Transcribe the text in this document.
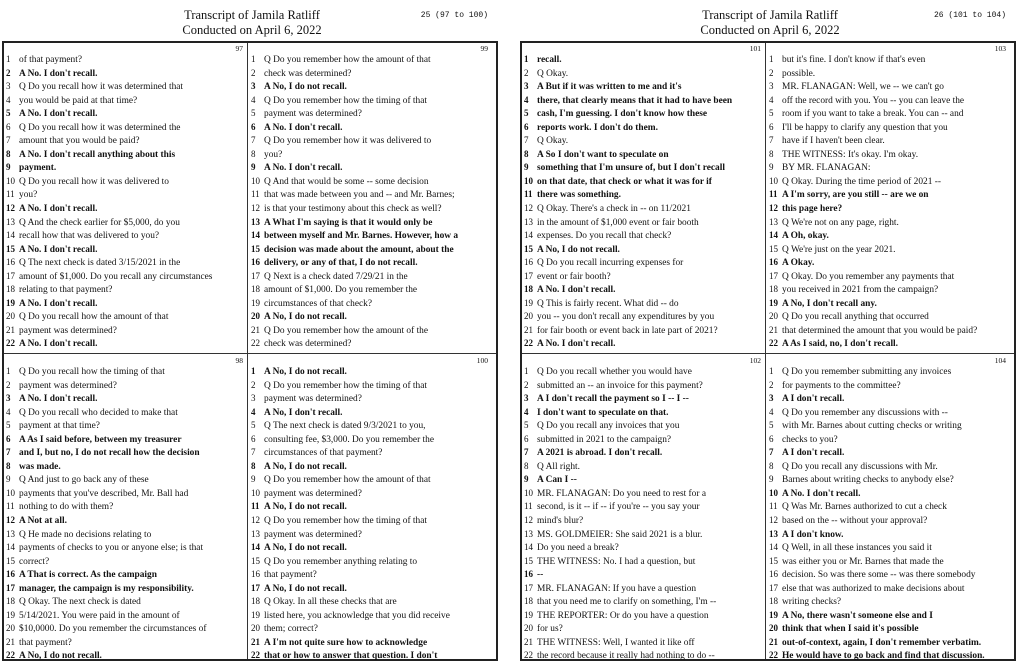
Transcript of Jamila Ratliff
Conducted on April 6, 2022
25 (97 to 100)
97
1 of that payment?
2 A No. I don't recall.
3 Q Do you recall how it was determined that
4 you would be paid at that time?
5 A No. I don't recall.
6 Q Do you recall how it was determined the
7 amount that you would be paid?
8 A No. I don't recall anything about this
9 payment.
10 Q Do you recall how it was delivered to
11 you?
12 A No. I don't recall.
13 Q And the check earlier for $5,000, do you
14 recall how that was delivered to you?
15 A No. I don't recall.
16 Q The next check is dated 3/15/2021 in the
17 amount of $1,000. Do you recall any circumstances
18 relating to that payment?
19 A No. I don't recall.
20 Q Do you recall how the amount of that
21 payment was determined?
22 A No. I don't recall.
99
1 Q Do you remember how the amount of that
2 check was determined?
3 A No, I do not recall.
4 Q Do you remember how the timing of that
5 payment was determined?
6 A No. I don't recall.
7 Q Do you remember how it was delivered to
8 you?
9 A No. I don't recall.
10 Q And that would be some -- some decision
11 that was made between you and -- and Mr. Barnes;
12 is that your testimony about this check as well?
13 A What I'm saying is that it would only be
14 between myself and Mr. Barnes. However, how a
15 decision was made about the amount, about the
16 delivery, or any of that, I do not recall.
17 Q Next is a check dated 7/29/21 in the
18 amount of $1,000. Do you remember the
19 circumstances of that check?
20 A No, I do not recall.
21 Q Do you remember how the amount of the
22 check was determined?
98
1 Q Do you recall how the timing of that
2 payment was determined?
3 A No. I don't recall.
4 Q Do you recall who decided to make that
5 payment at that time?
6 A As I said before, between my treasurer
7 and I, but no, I do not recall how the decision
8 was made.
9 Q And just to go back any of these
10 payments that you've described, Mr. Ball had
11 nothing to do with them?
12 A Not at all.
13 Q He made no decisions relating to
14 payments of checks to you or anyone else; is that
15 correct?
16 A That is correct. As the campaign
17 manager, the campaign is my responsibility.
18 Q Okay. The next check is dated
19 5/14/2021. You were paid in the amount of
20 $10,0000. Do you remember the circumstances of
21 that payment?
22 A No, I do not recall.
100
1 A No, I do not recall.
2 Q Do you remember how the timing of that
3 payment was determined?
4 A No, I don't recall.
5 Q The next check is dated 9/3/2021 to you,
6 consulting fee, $3,000. Do you remember the
7 circumstances of that payment?
8 A No, I do not recall.
9 Q Do you remember how the amount of that
10 payment was determined?
11 A No, I do not recall.
12 Q Do you remember how the timing of that
13 payment was determined?
14 A No, I do not recall.
15 Q Do you remember anything relating to
16 that payment?
17 A No, I do not recall.
18 Q Okay. In all these checks that are
19 listed here, you acknowledge that you did receive
20 them; correct?
21 A I'm not quite sure how to acknowledge
22 that or how to answer that question. I don't
Transcript of Jamila Ratliff
Conducted on April 6, 2022
26 (101 to 104)
101
1 recall.
2 Q Okay.
3 A But if it was written to me and it's
4 there, that clearly means that it had to have been
5 cash, I'm guessing. I don't know how these
6 reports work. I don't do them.
7 Q Okay.
8 A So I don't want to speculate on
9 something that I'm unsure of, but I don't recall
10 on that date, that check or what it was for if
11 there was something.
12 Q Okay. There's a check in -- on 11/2021
13 in the amount of $1,000 event or fair booth
14 expenses. Do you recall that check?
15 A No, I do not recall.
16 Q Do you recall incurring expenses for
17 event or fair booth?
18 A No. I don't recall.
19 Q This is fairly recent. What did -- do
20 you -- you don't recall any expenditures by you
21 for fair booth or event back in late part of 2021?
22 A No. I don't recall.
103
1 but it's fine. I don't know if that's even
2 possible.
3 MR. FLANAGAN: Well, we -- we can't go
4 off the record with you. You -- you can leave the
5 room if you want to take a break. You can -- and
6 I'll be happy to clarify any question that you
7 have if I haven't been clear.
8 THE WITNESS: It's okay. I'm okay.
9 BY MR. FLANAGAN:
10 Q Okay. During the time period of 2021 --
11 A I'm sorry, are you still -- are we on
12 this page here?
13 Q We're not on any page, right.
14 A Oh, okay.
15 Q We're just on the year 2021.
16 A Okay.
17 Q Okay. Do you remember any payments that
18 you received in 2021 from the campaign?
19 A No, I don't recall any.
20 Q Do you recall anything that occurred
21 that determined the amount that you would be paid?
22 A As I said, no, I don't recall.
102
1 Q Do you recall whether you would have
2 submitted an -- an invoice for this payment?
3 A I don't recall the payment so I -- I --
4 I don't want to speculate on that.
5 Q Do you recall any invoices that you
6 submitted in 2021 to the campaign?
7 A 2021 is abroad. I don't recall.
8 Q All right.
9 A Can I --
10 MR. FLANAGAN: Do you need to rest for a
11 second, is it -- if -- if you're -- you say your
12 mind's blur?
13 MS. GOLDMEIER: She said 2021 is a blur.
14 Do you need a break?
15 THE WITNESS: No. I had a question, but
16 --
17 MR. FLANAGAN: If you have a question
18 that you need me to clarify on something, I'm --
19 THE REPORTER: Or do you have a question
20 for us?
21 THE WITNESS: Well, I wanted it like off
22 the record because it really had nothing to do --
104
1 Q Do you remember submitting any invoices
2 for payments to the committee?
3 A I don't recall.
4 Q Do you remember any discussions with --
5 with Mr. Barnes about cutting checks or writing
6 checks to you?
7 A I don't recall.
8 Q Do you recall any discussions with Mr.
9 Barnes about writing checks to anybody else?
10 A No. I don't recall.
11 Q Was Mr. Barnes authorized to cut a check
12 based on the -- without your approval?
13 A I don't know.
14 Q Well, in all these instances you said it
15 was either you or Mr. Barnes that made the
16 decision. So was there some -- was there somebody
17 else that was authorized to make decisions about
18 writing checks?
19 A No, there wasn't someone else and I
20 think that when I said it's possible
21 out-of-context, again, I don't remember verbatim.
22 He would have to go back and find that discussion.
